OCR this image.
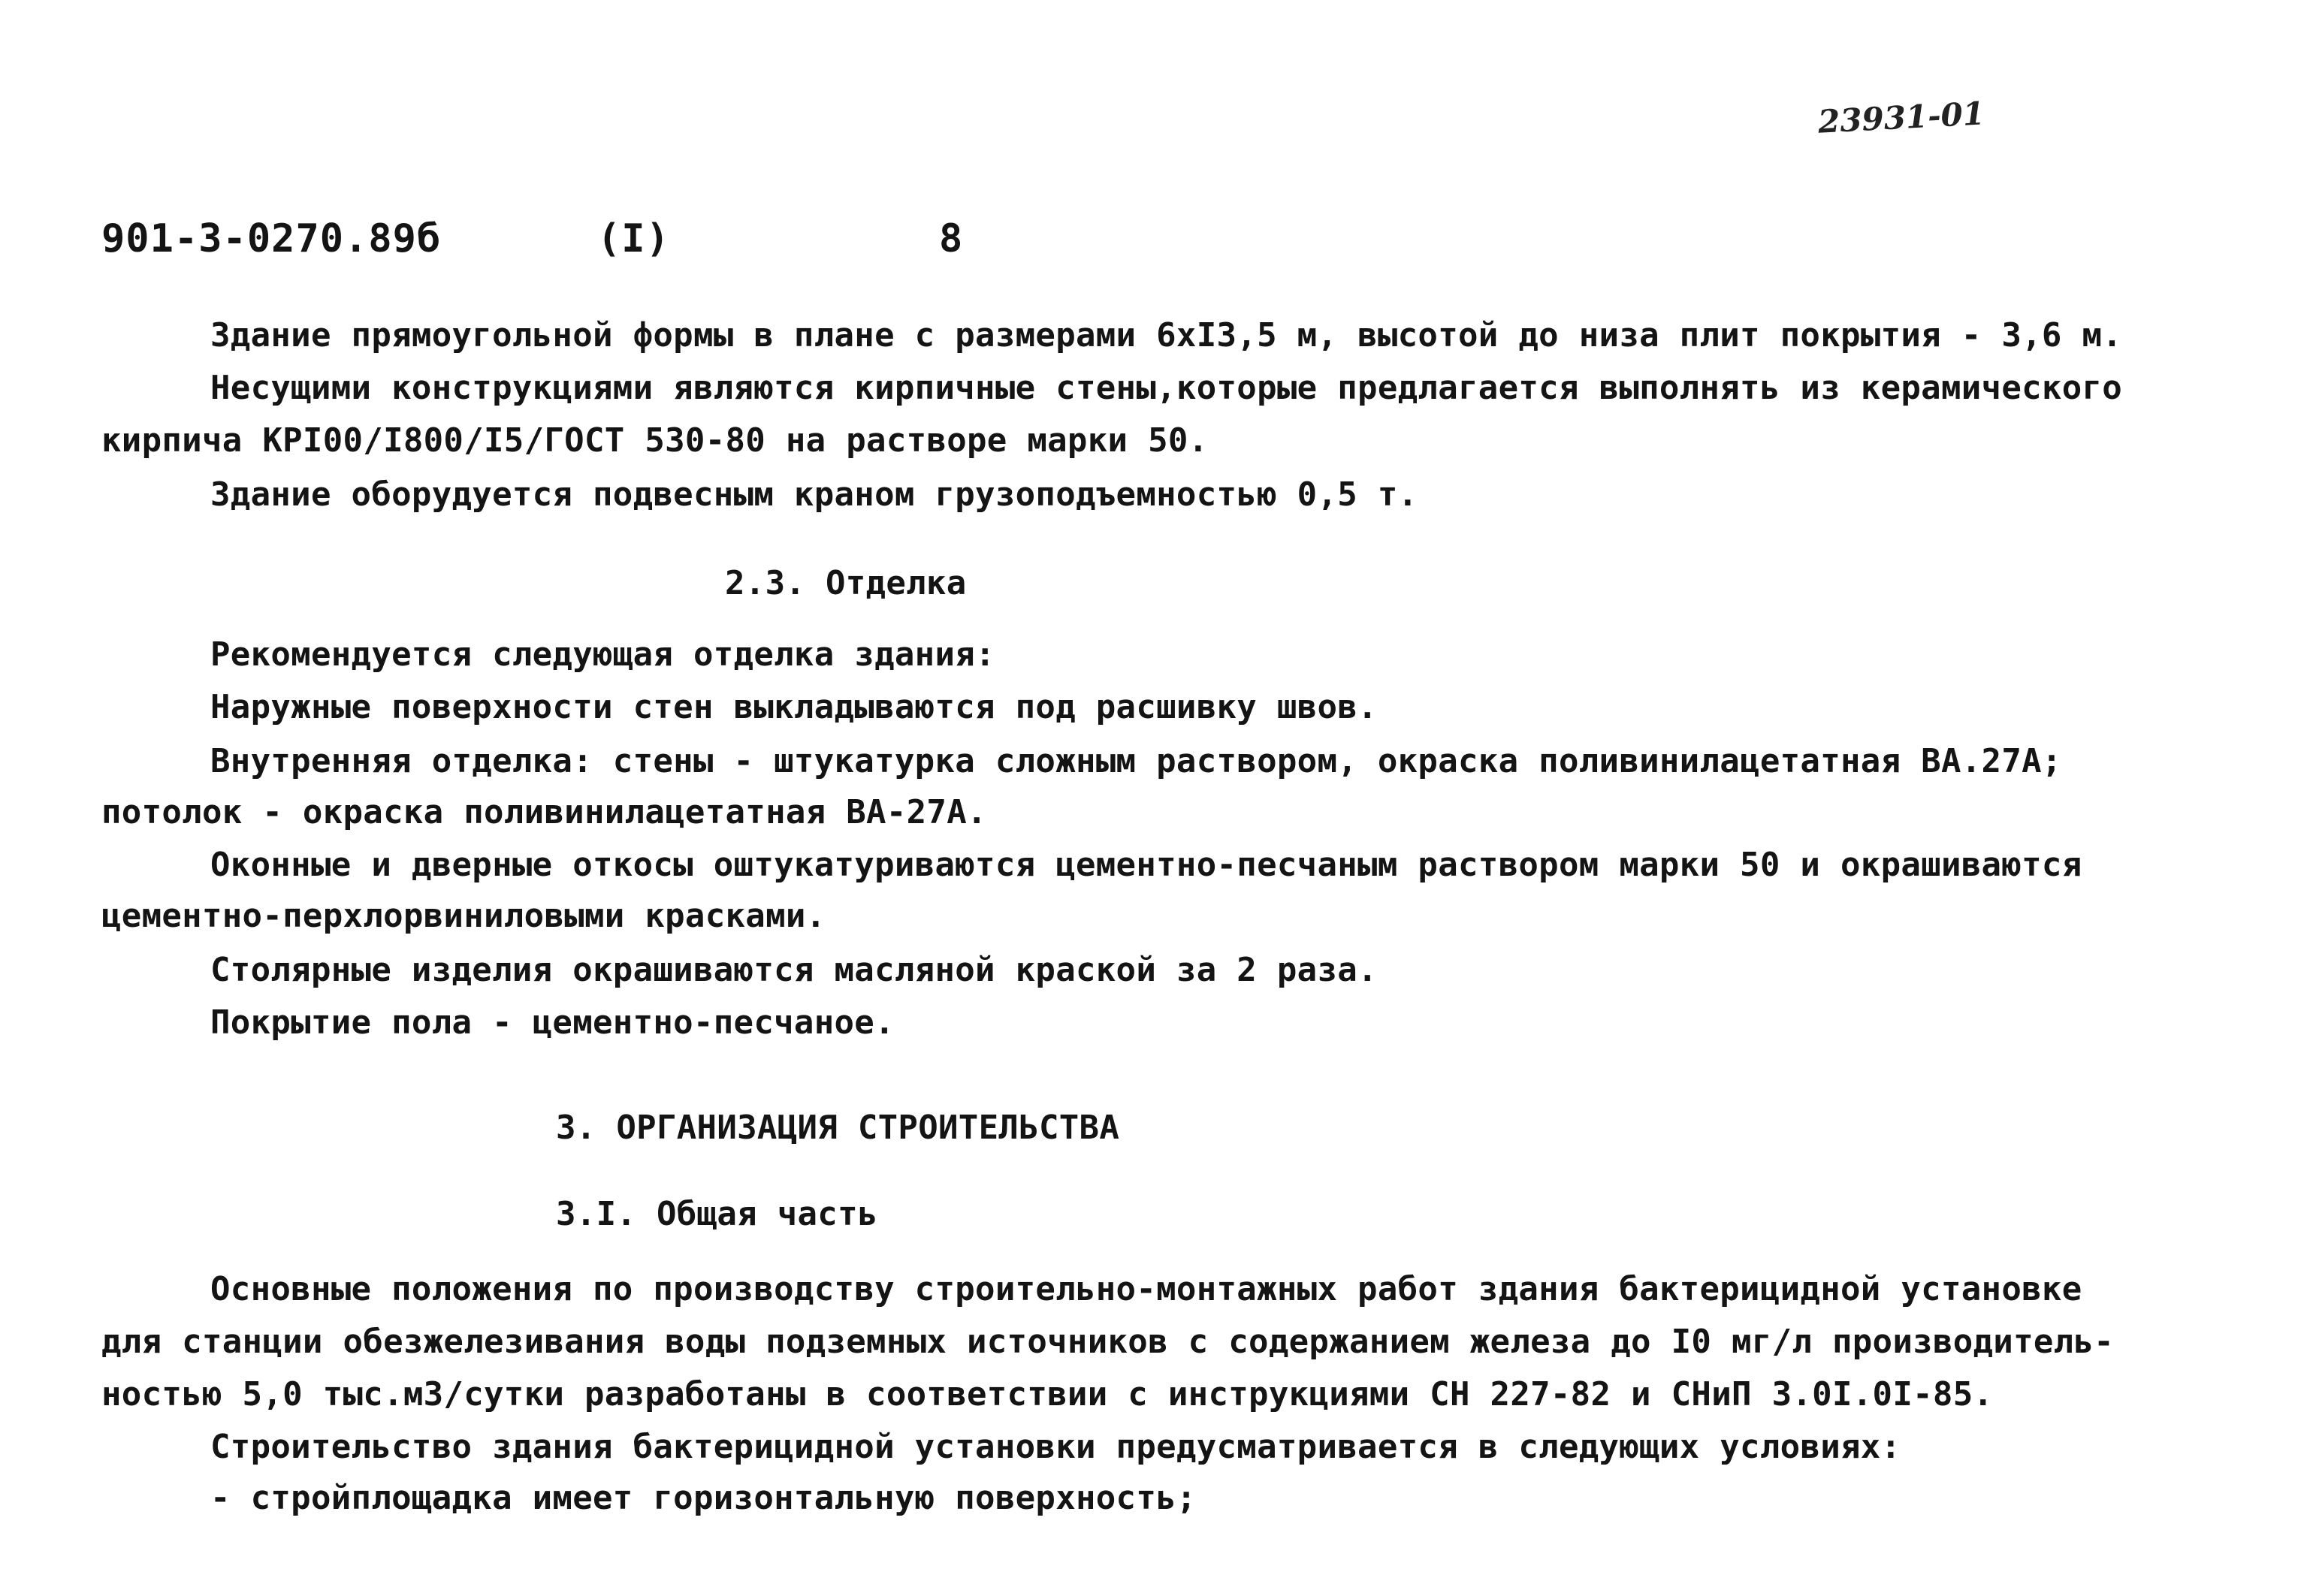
23931-01
901-3-0270.89б	(I)	8
Здание прямоугольной формы в плане с размерами 6хI3,5 м, высотой до низа плит покрытия - 3,6 м.
Несущими конструкциями являются кирпичные стены,которые предлагается выполнять из керамического
кирпича КРI00/I800/I5/ГОСТ 530-80 на растворе марки 50.
Здание оборудуется подвесным краном грузоподъемностью 0,5 т.
2.3. Отделка
Рекомендуется следующая отделка здания:
Наружные поверхности стен выкладываются под расшивку швов.
Внутренняя отделка: стены - штукатурка сложным раствором, окраска поливинилацетатная ВА.27А;
потолок - окраска поливинилацетатная ВА-27А.
Оконные и дверные откосы оштукатуриваются цементно-песчаным раствором марки 50 и окрашиваются
цементно-перхлорвиниловыми красками.
Столярные изделия окрашиваются масляной краской за 2 раза.
Покрытие пола - цементно-песчаное.
3. ОРГАНИЗАЦИЯ СТРОИТЕЛЬСТВА
3.I. Общая часть
Основные положения по производству строительно-монтажных работ здания бактерицидной установке
для станции обезжелезивания воды подземных источников с содержанием железа до I0 мг/л производитель-
ностью 5,0 тыс.м3/сутки разработаны в соответствии с инструкциями СН 227-82 и СНиП 3.0I.0I-85.
Строительство здания бактерицидной установки предусматривается в следующих условиях:
- стройплощадка имеет горизонтальную поверхность;
